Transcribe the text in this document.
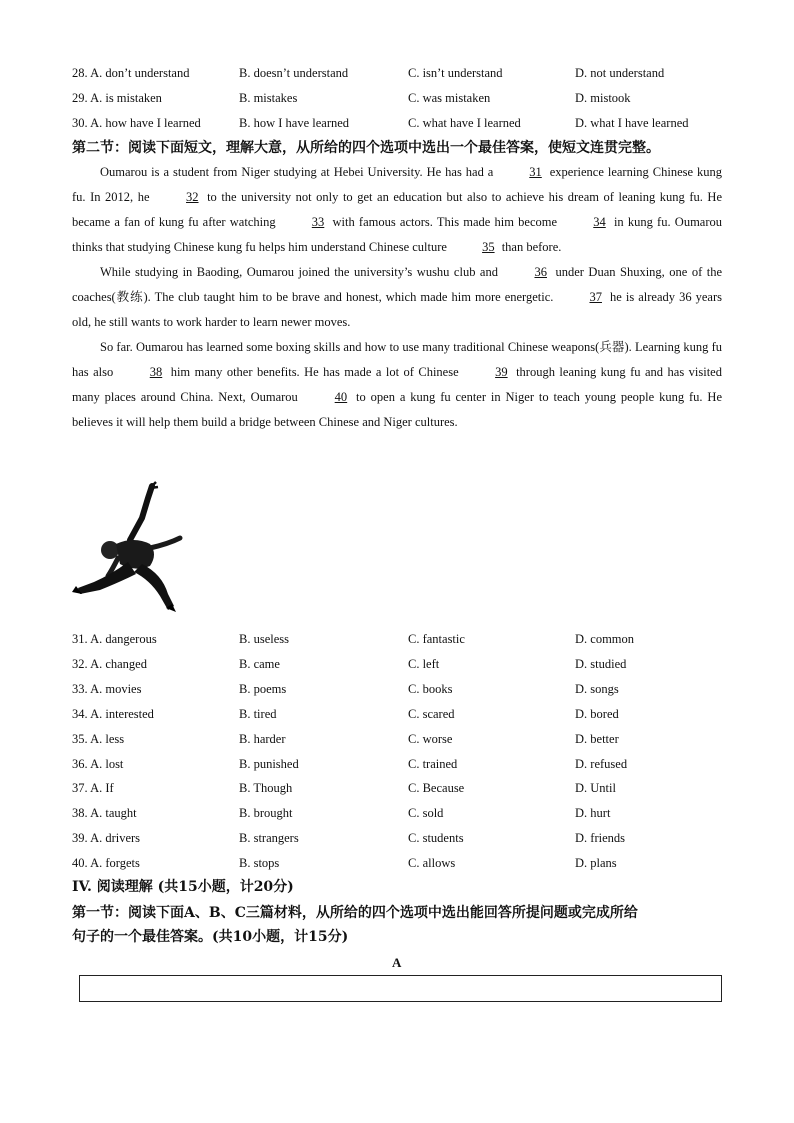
28. A. don’t understand	B. doesn’t understand	C. isn’t understand	D. not understand
29. A. is mistaken	B. mistakes	C. was mistaken	D. mistook
30. A. how have I learned	B. how I have learned	C. what have I learned	D. what I have learned
第二节：阅读下面短文，理解大意，从所给的四个选项中选出一个最佳答案，使短文连贯完整。

Oumarou is a student from Niger studying at Hebei University. He has had a	31 experience learning Chinese kung fu. In 2012, he	32 to the university not only to get an education but also to achieve his dream of leaning kung fu. He became a fan of kung fu after watching	33 with famous actors. This made him become	34 in kung fu. Oumarou thinks that studying Chinese kung fu helps him understand Chinese culture	35 than before.

While studying in Baoding, Oumarou joined the university’s wushu club and	36 under Duan Shuxing, one of the coaches(教练). The club taught him to be brave and honest, which made him more energetic.	37 he is already 36 years old, he still wants to work harder to learn newer moves.

So far. Oumarou has learned some boxing skills and how to use many traditional Chinese weapons(兵器). Learning kung fu has also	38 him many other benefits. He has made a lot of Chinese	39 through leaning kung fu and has visited many places around China. Next, Oumarou	40 to open a kung fu center in Niger to teach young people kung fu. He believes it will help them build a bridge between Chinese and Niger cultures.

31. A. dangerous	B. useless	C. fantastic	D. common
32. A. changed	B. came	C. left	D. studied
33. A. movies	B. poems	C. books	D. songs
34. A. interested	B. tired	C. scared	D. bored
35. A. less	B. harder	C. worse	D. better
36. A. lost	B. punished	C. trained	D. refused
37. A. If	B. Though	C. Because	D. Until
38. A. taught	B. brought	C. sold	D. hurt
39. A. drivers	B. strangers	C. students	D. friends
40. A. forgets	B. stops	C. allows	D. plans
IV. 阅读理解 (共15小题，计20分)
第一节：阅读下面A、B、C三篇材料，从所给的四个选项中选出能回答所提问题或完成所给
句子的一个最佳答案。(共10小题，计15分)
A
